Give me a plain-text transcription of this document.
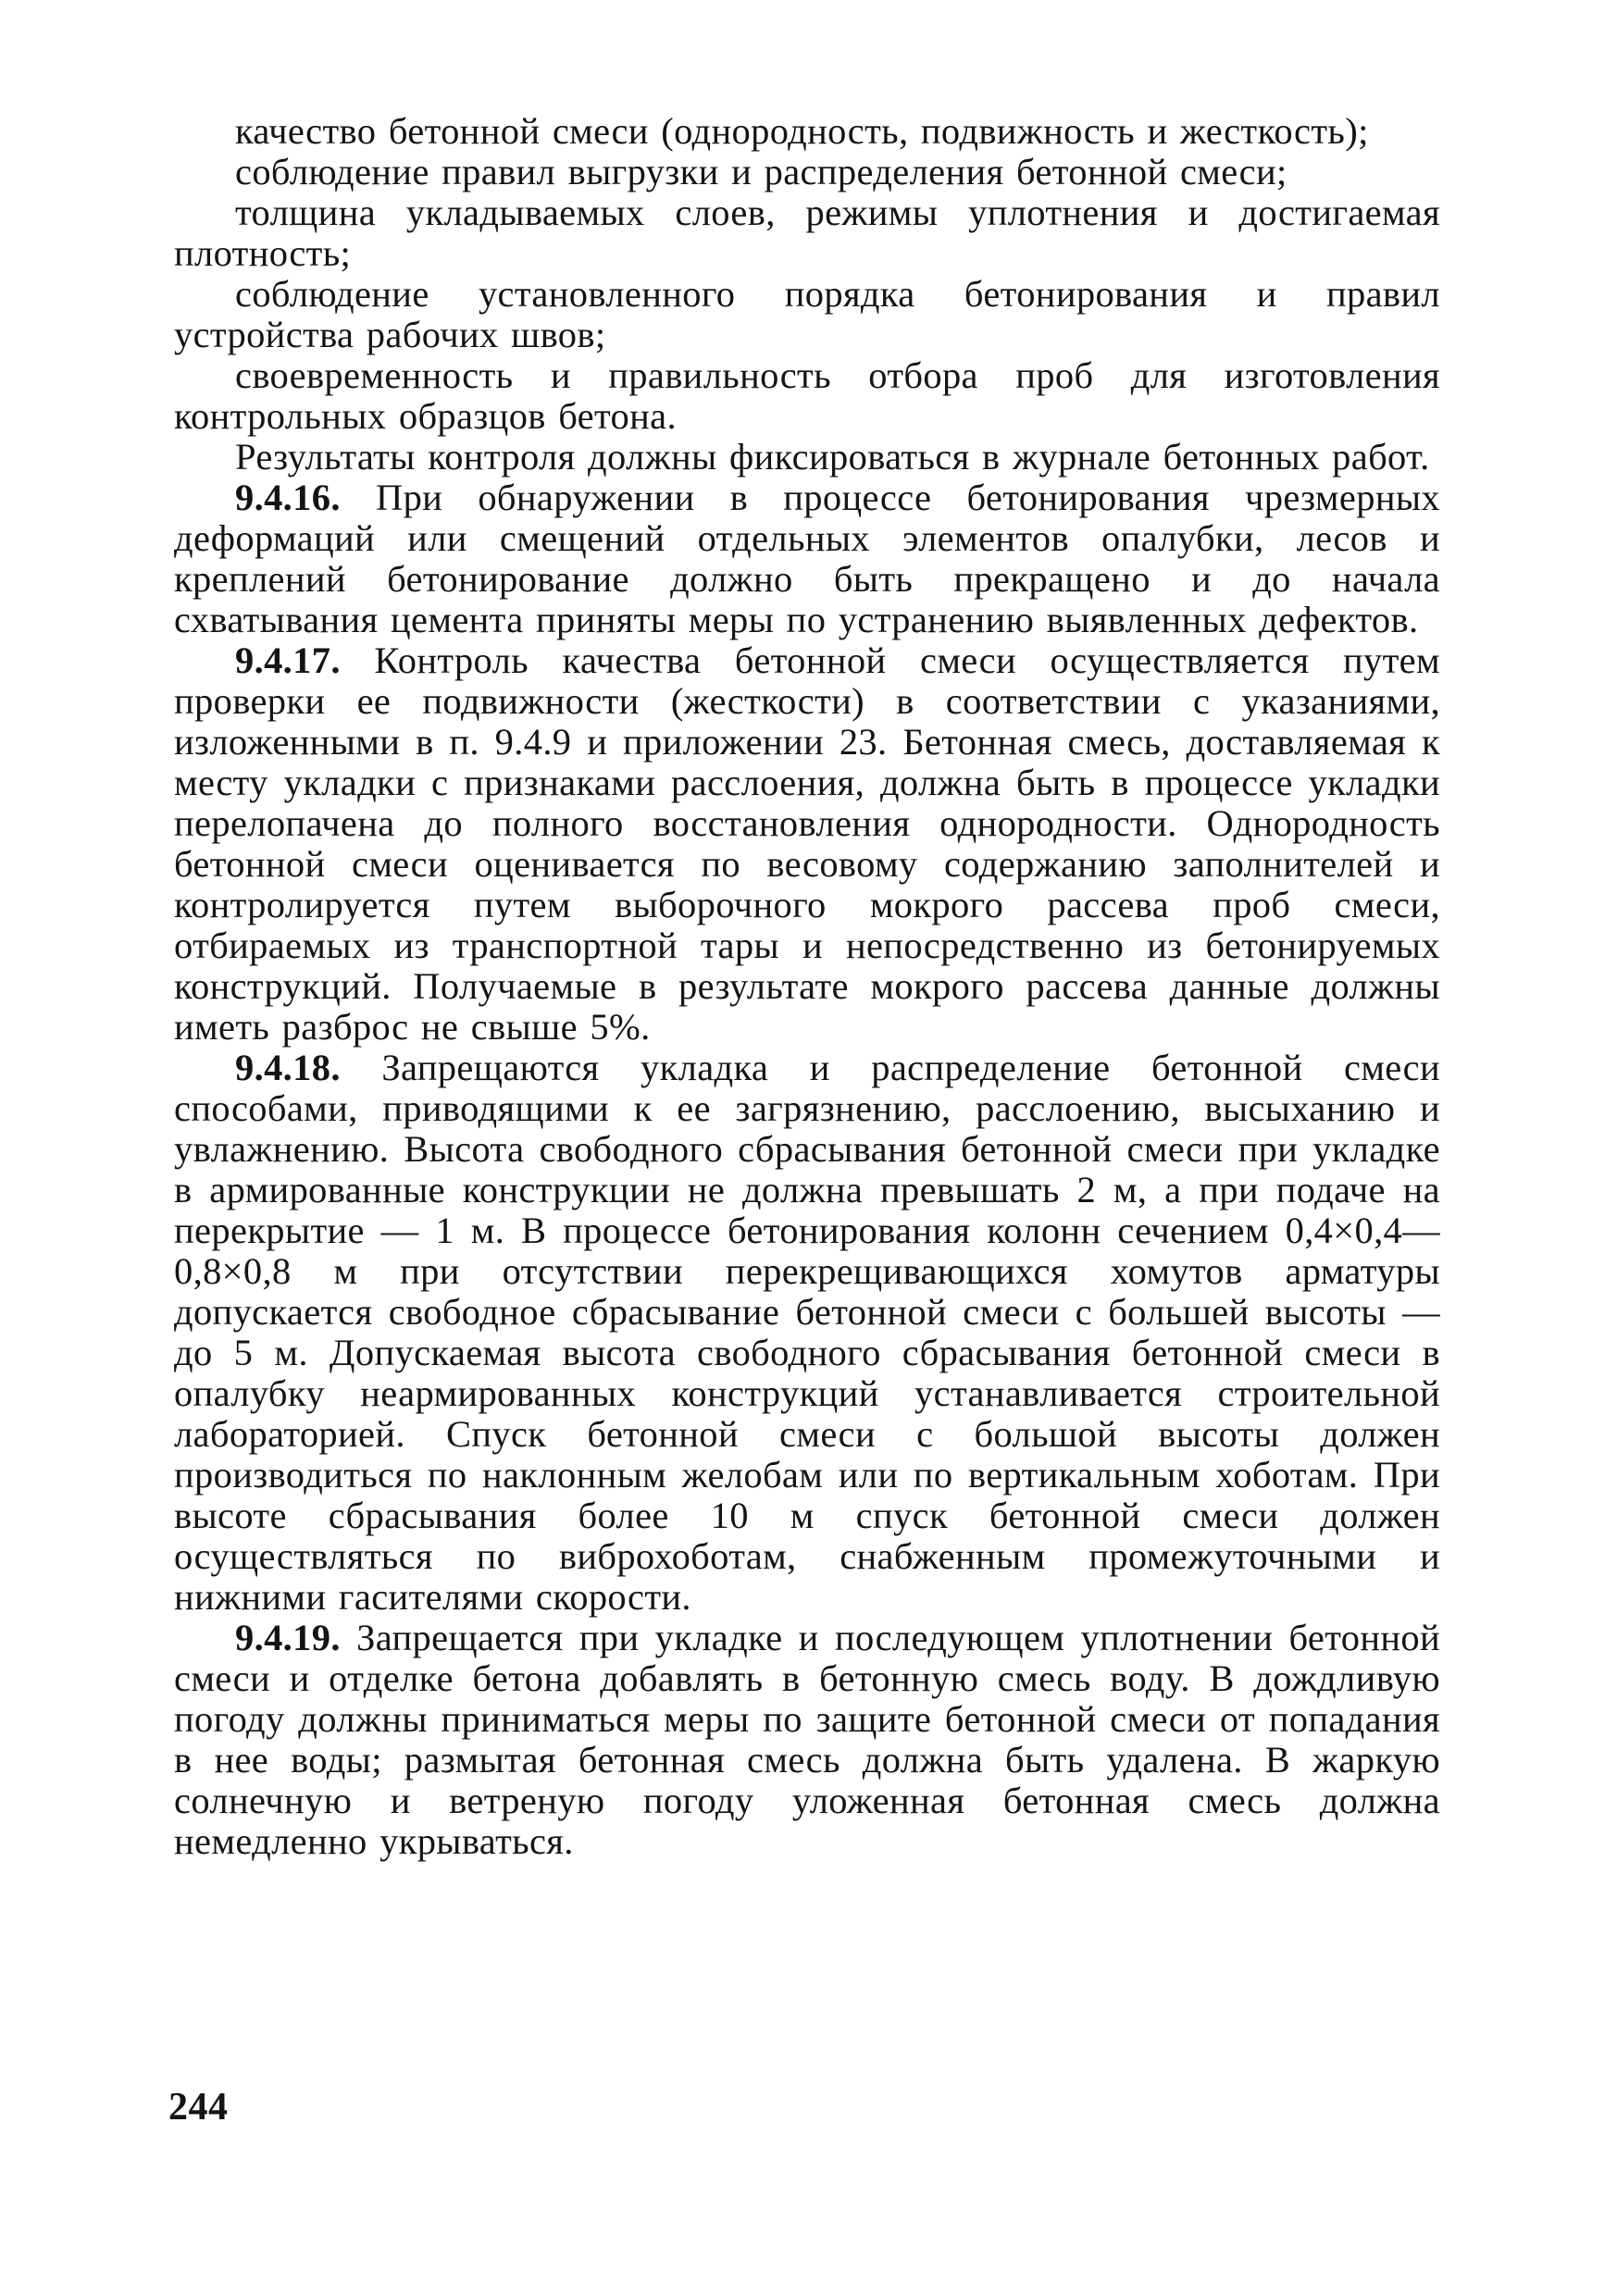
качество бетонной смеси (однородность, подвижность и жесткость);

соблюдение правил выгрузки и распределения бетонной смеси;

толщина укладываемых слоев, режимы уплотнения и достигаемая плотность;

соблюдение установленного порядка бетонирования и правил устройства рабочих швов;

своевременность и правильность отбора проб для изготовления контрольных образцов бетона.

Результаты контроля должны фиксироваться в журнале бетонных работ.

9.4.16. При обнаружении в процессе бетонирования чрезмерных деформаций или смещений отдельных элементов опалубки, лесов и креплений бетонирование должно быть прекращено и до начала схватывания цемента приняты меры по устранению выявленных дефектов.

9.4.17. Контроль качества бетонной смеси осуществляется путем проверки ее подвижности (жесткости) в соответствии с указаниями, изложенными в п. 9.4.9 и приложении 23. Бетонная смесь, доставляемая к месту укладки с признаками расслоения, должна быть в процессе укладки перелопачена до полного восстановления однородности. Однородность бетонной смеси оценивается по весовому содержанию заполнителей и контролируется путем выборочного мокрого рассева проб смеси, отбираемых из транспортной тары и непосредственно из бетонируемых конструкций. Получаемые в результате мокрого рассева данные должны иметь разброс не свыше 5%.

9.4.18. Запрещаются укладка и распределение бетонной смеси способами, приводящими к ее загрязнению, расслоению, высыханию и увлажнению. Высота свободного сбрасывания бетонной смеси при укладке в армированные конструкции не должна превышать 2 м, а при подаче на перекрытие — 1 м. В процессе бетонирования колонн сечением 0,4×0,4—0,8×0,8 м при отсутствии перекрещивающихся хомутов арматуры допускается свободное сбрасывание бетонной смеси с большей высоты — до 5 м. Допускаемая высота свободного сбрасывания бетонной смеси в опалубку неармированных конструкций устанавливается строительной лабораторией. Спуск бетонной смеси с большой высоты должен производиться по наклонным желобам или по вертикальным хоботам. При высоте сбрасывания более 10 м спуск бетонной смеси должен осуществляться по виброхоботам, снабженным промежуточными и нижними гасителями скорости.

9.4.19. Запрещается при укладке и последующем уплотнении бетонной смеси и отделке бетона добавлять в бетонную смесь воду. В дождливую погоду должны приниматься меры по защите бетонной смеси от попадания в нее воды; размытая бетонная смесь должна быть удалена. В жаркую солнечную и ветреную погоду уложенная бетонная смесь должна немедленно укрываться.

244
